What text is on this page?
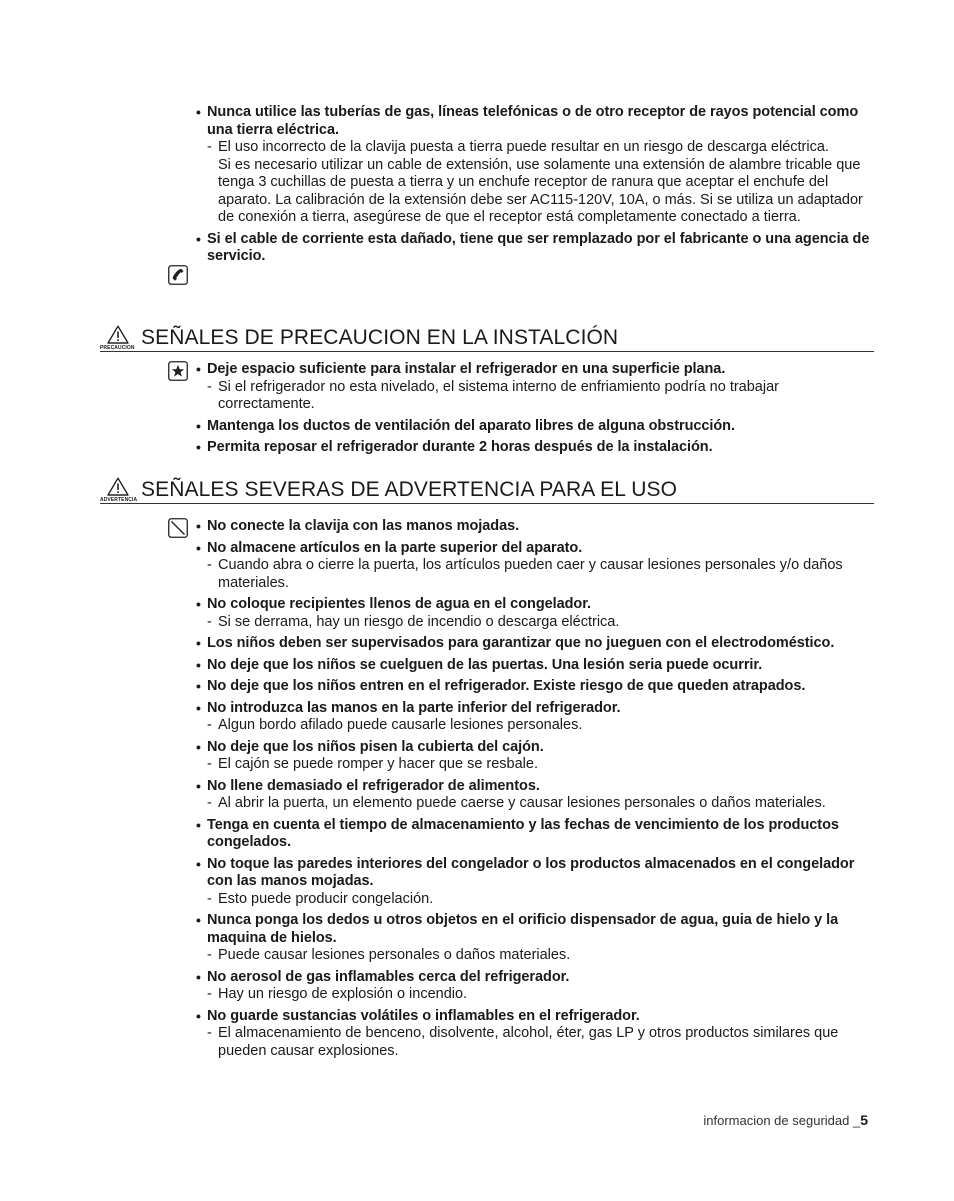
• Nunca utilice las tuberías de gas, líneas telefónicas o de otro receptor de rayos potencial como una tierra eléctrica.
- El uso incorrecto de la clavija puesta a tierra puede resultar en un riesgo de descarga eléctrica.
Si es necesario utilizar un cable de extensión, use solamente una extensión de alambre tricable que tenga 3 cuchillas de puesta a tierra y un enchufe receptor de ranura que aceptar el enchufe del aparato. La calibración de la extensión debe ser AC115-120V, 10A, o más. Si se utiliza un adaptador de conexión a tierra, asegúrese de que el receptor está completamente conectado a tierra.
• Si el cable de corriente esta dañado, tiene que ser remplazado por el fabricante o una agencia de servicio.
PRECAUCION SEÑALES DE PRECAUCION EN LA INSTALCIÓN
• Deje espacio suficiente para instalar el refrigerador en una superficie plana.
- Si el refrigerador no esta nivelado, el sistema interno de enfriamiento podría no trabajar correctamente.
• Mantenga los ductos de ventilación del aparato libres de alguna obstrucción.
• Permita reposar el refrigerador durante 2 horas después de la instalación.
ADVERTENCIA SEÑALES SEVERAS DE ADVERTENCIA PARA EL USO
• No conecte la clavija con las manos mojadas.
• No almacene artículos en la parte superior del aparato.
- Cuando abra o cierre la puerta, los artículos pueden caer y causar lesiones personales y/o daños materiales.
• No coloque recipientes llenos de agua en el congelador.
- Si se derrama, hay un riesgo de incendio o descarga eléctrica.
• Los niños deben ser supervisados para garantizar que no jueguen con el electrodoméstico.
• No deje que los niños se cuelguen de las puertas. Una lesión seria puede ocurrir.
• No deje que los niños entren en el refrigerador. Existe riesgo de que queden atrapados.
• No introduzca las manos en la parte inferior del refrigerador.
- Algun bordo afilado puede causarle lesiones personales.
• No deje que los niños pisen la cubierta del cajón.
- El cajón se puede romper y hacer que se resbale.
• No llene demasiado el refrigerador de alimentos.
- Al abrir la puerta, un elemento puede caerse y causar lesiones personales o daños materiales.
• Tenga en cuenta el tiempo de almacenamiento y las fechas de vencimiento de los productos congelados.
• No toque las paredes interiores del congelador o los productos almacenados en el congelador con las manos mojadas.
- Esto puede producir congelación.
• Nunca ponga los dedos u otros objetos en el orificio dispensador de agua, guia de hielo y la maquina de hielos.
- Puede causar lesiones personales o daños materiales.
• No aerosol de gas inflamables cerca del refrigerador.
- Hay un riesgo de explosión o incendio.
• No guarde sustancias volátiles o inflamables en el refrigerador.
- El almacenamiento de benceno, disolvente, alcohol, éter, gas LP y otros productos similares que pueden causar explosiones.
informacion de seguridad _5
